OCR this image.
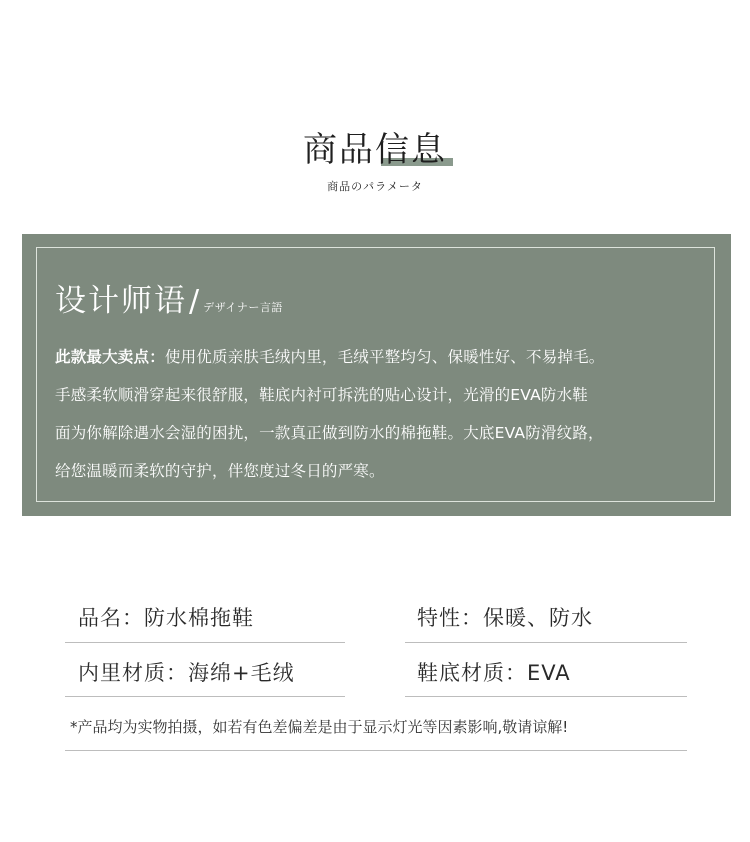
商品信息
商品のパラメータ
设计师语/ デザイナー言語

此款最大卖点：使用优质亲肤毛绒内里，毛绒平整均匀、保暖性好、不易掉毛。
手感柔软顺滑穿起来很舒服，鞋底内衬可拆洗的贴心设计，光滑的EVA防水鞋
面为你解除遇水会湿的困扰，一款真正做到防水的棉拖鞋。大底EVA防滑纹路，
给您温暖而柔软的守护，伴您度过冬日的严寒。

品名：防水棉拖鞋	特性：保暖、防水
内里材质：海绵+毛绒	鞋底材质：EVA
*产品均为实物拍摄，如若有色差偏差是由于显示灯光等因素影响,敬请谅解!
